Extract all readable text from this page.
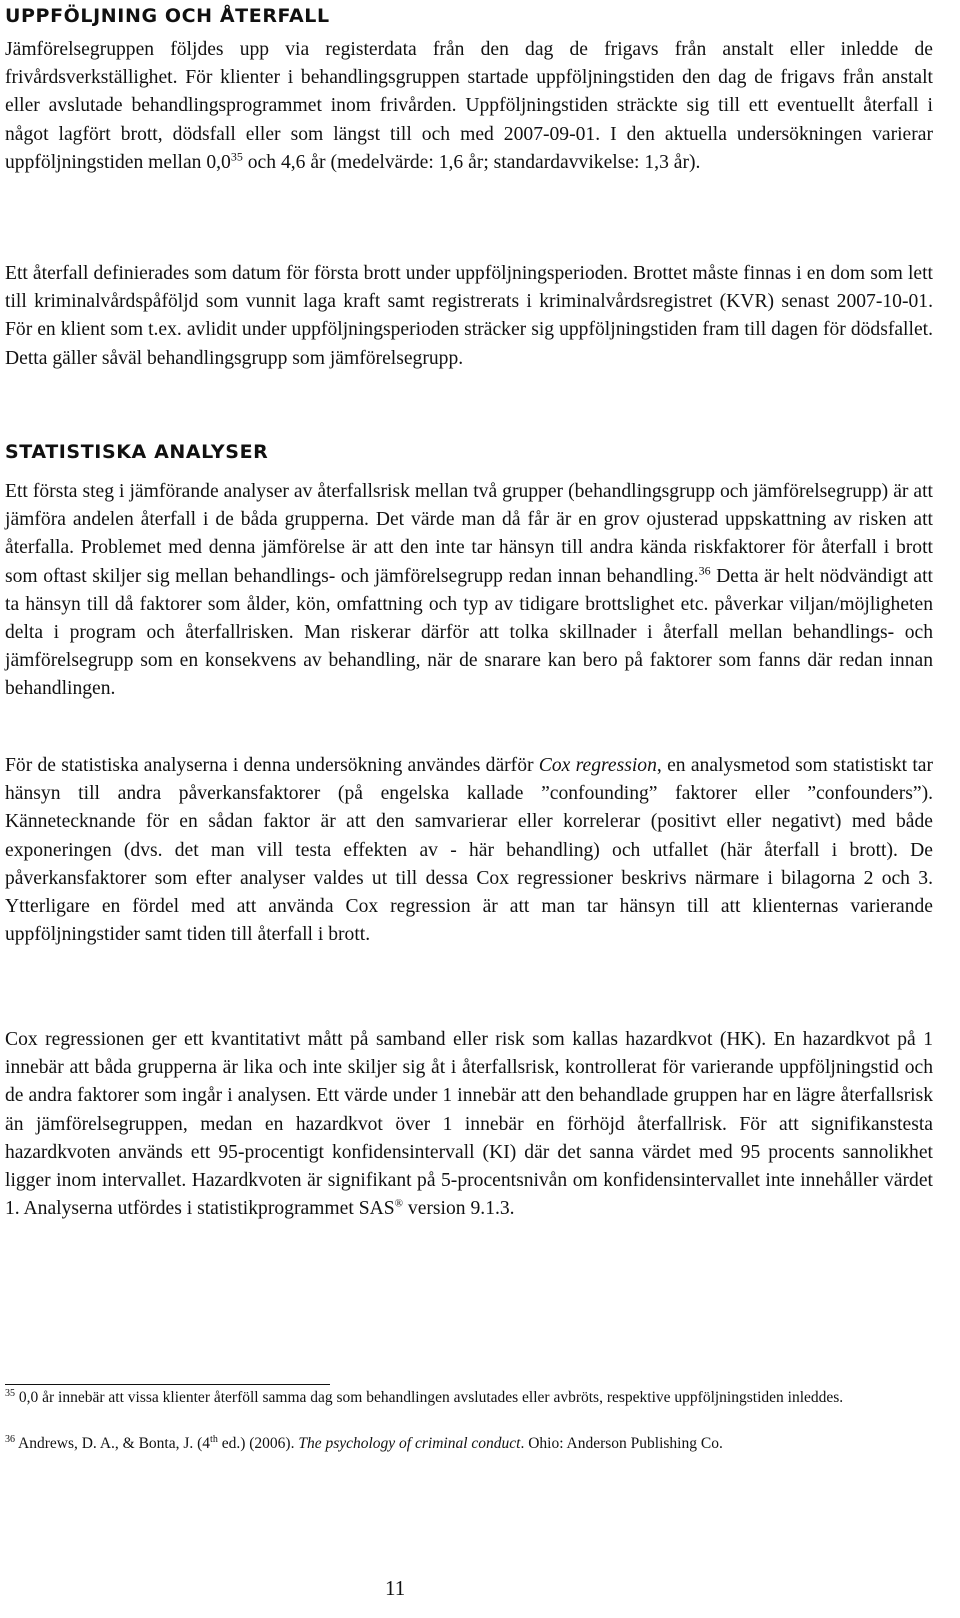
UPPFÖLJNING OCH ÅTERFALL

Jämförelsegruppen följdes upp via registerdata från den dag de frigavs från anstalt eller inledde de frivårdsverkställighet. För klienter i behandlingsgruppen startade uppföljningstiden den dag de frigavs från anstalt eller avslutade behandlingsprogrammet inom frivården. Uppföljningstiden sträckte sig till ett eventuellt återfall i något lagfört brott, dödsfall eller som längst till och med 2007-09-01. I den aktuella undersökningen varierar uppföljningstiden mellan $0,0^{35}$ och 4,6 år (medelvärde: 1,6 år; standardavvikelse: 1,3 år).

Ett återfall definierades som datum för första brott under uppföljningsperioden. Brottet måste finnas i en dom som lett till kriminalvårdspåföljd som vunnit laga kraft samt registrerats i kriminalvårdsregistret (KVR) senast 2007-10-01. För en klient som t.ex. avlidit under uppföljningsperioden sträcker sig uppföljningstiden fram till dagen för dödsfallet. Detta gäller såväl behandlingsgrupp som jämförelsegrupp.

STATISTISKA ANALYSER

Ett första steg i jämförande analyser av återfallsrisk mellan två grupper (behandlingsgrupp och jämförelsegrupp) är att jämföra andelen återfall i de båda grupperna. Det värde man då får är en grov ojusterad uppskattning av risken att återfalla. Problemet med denna jämförelse är att den inte tar hänsyn till andra kända riskfaktorer för återfall i brott som oftast skiljer sig mellan behandlings- och jämförelsegrupp redan innan behandling.$^{36}$ Detta är helt nödvändigt att ta hänsyn till då faktorer som ålder, kön, omfattning och typ av tidigare brottslighet etc. påverkar viljan/möjligheten delta i program och återfallrisken. Man riskerar därför att tolka skillnader i återfall mellan behandlings- och jämförelsegrupp som en konsekvens av behandling, när de snarare kan bero på faktorer som fanns där redan innan behandlingen.

För de statistiska analyserna i denna undersökning användes därför Cox regression, en analysmetod som statistiskt tar hänsyn till andra påverkansfaktorer (på engelska kallade ”confounding” faktorer eller ”confounders”). Kännetecknande för en sådan faktor är att den samvarierar eller korrelerar (positivt eller negativt) med både exponeringen (dvs. det man vill testa effekten av - här behandling) och utfallet (här återfall i brott). De påverkansfaktorer som efter analyser valdes ut till dessa Cox regressioner beskrivs närmare i bilagorna 2 och 3. Ytterligare en fördel med att använda Cox regression är att man tar hänsyn till att klienternas varierande uppföljningstider samt tiden till återfall i brott.

Cox regressionen ger ett kvantitativt mått på samband eller risk som kallas hazardkvot (HK). En hazardkvot på 1 innebär att båda grupperna är lika och inte skiljer sig åt i återfallsrisk, kontrollerat för varierande uppföljningstid och de andra faktorer som ingår i analysen. Ett värde under 1 innebär att den behandlade gruppen har en lägre återfallsrisk än jämförelsegruppen, medan en hazardkvot över 1 innebär en förhöjd återfallrisk. För att signifikanstesta hazardkvoten används ett 95-procentigt konfidensintervall (KI) där det sanna värdet med 95 procents sannolikhet ligger inom intervallet. Hazardkvoten är signifikant på 5-procentsnivån om konfidensintervallet inte innehåller värdet 1. Analyserna utfördes i statistikprogrammet SAS® version 9.1.3.

$^{35}$ 0,0 år innebär att vissa klienter återföll samma dag som behandlingen avslutades eller avbröts, respektive uppföljningstiden inleddes.
$^{36}$ Andrews, D. A., & Bonta, J. (4th ed.) (2006). The psychology of criminal conduct. Ohio: Anderson Publishing Co.
11
